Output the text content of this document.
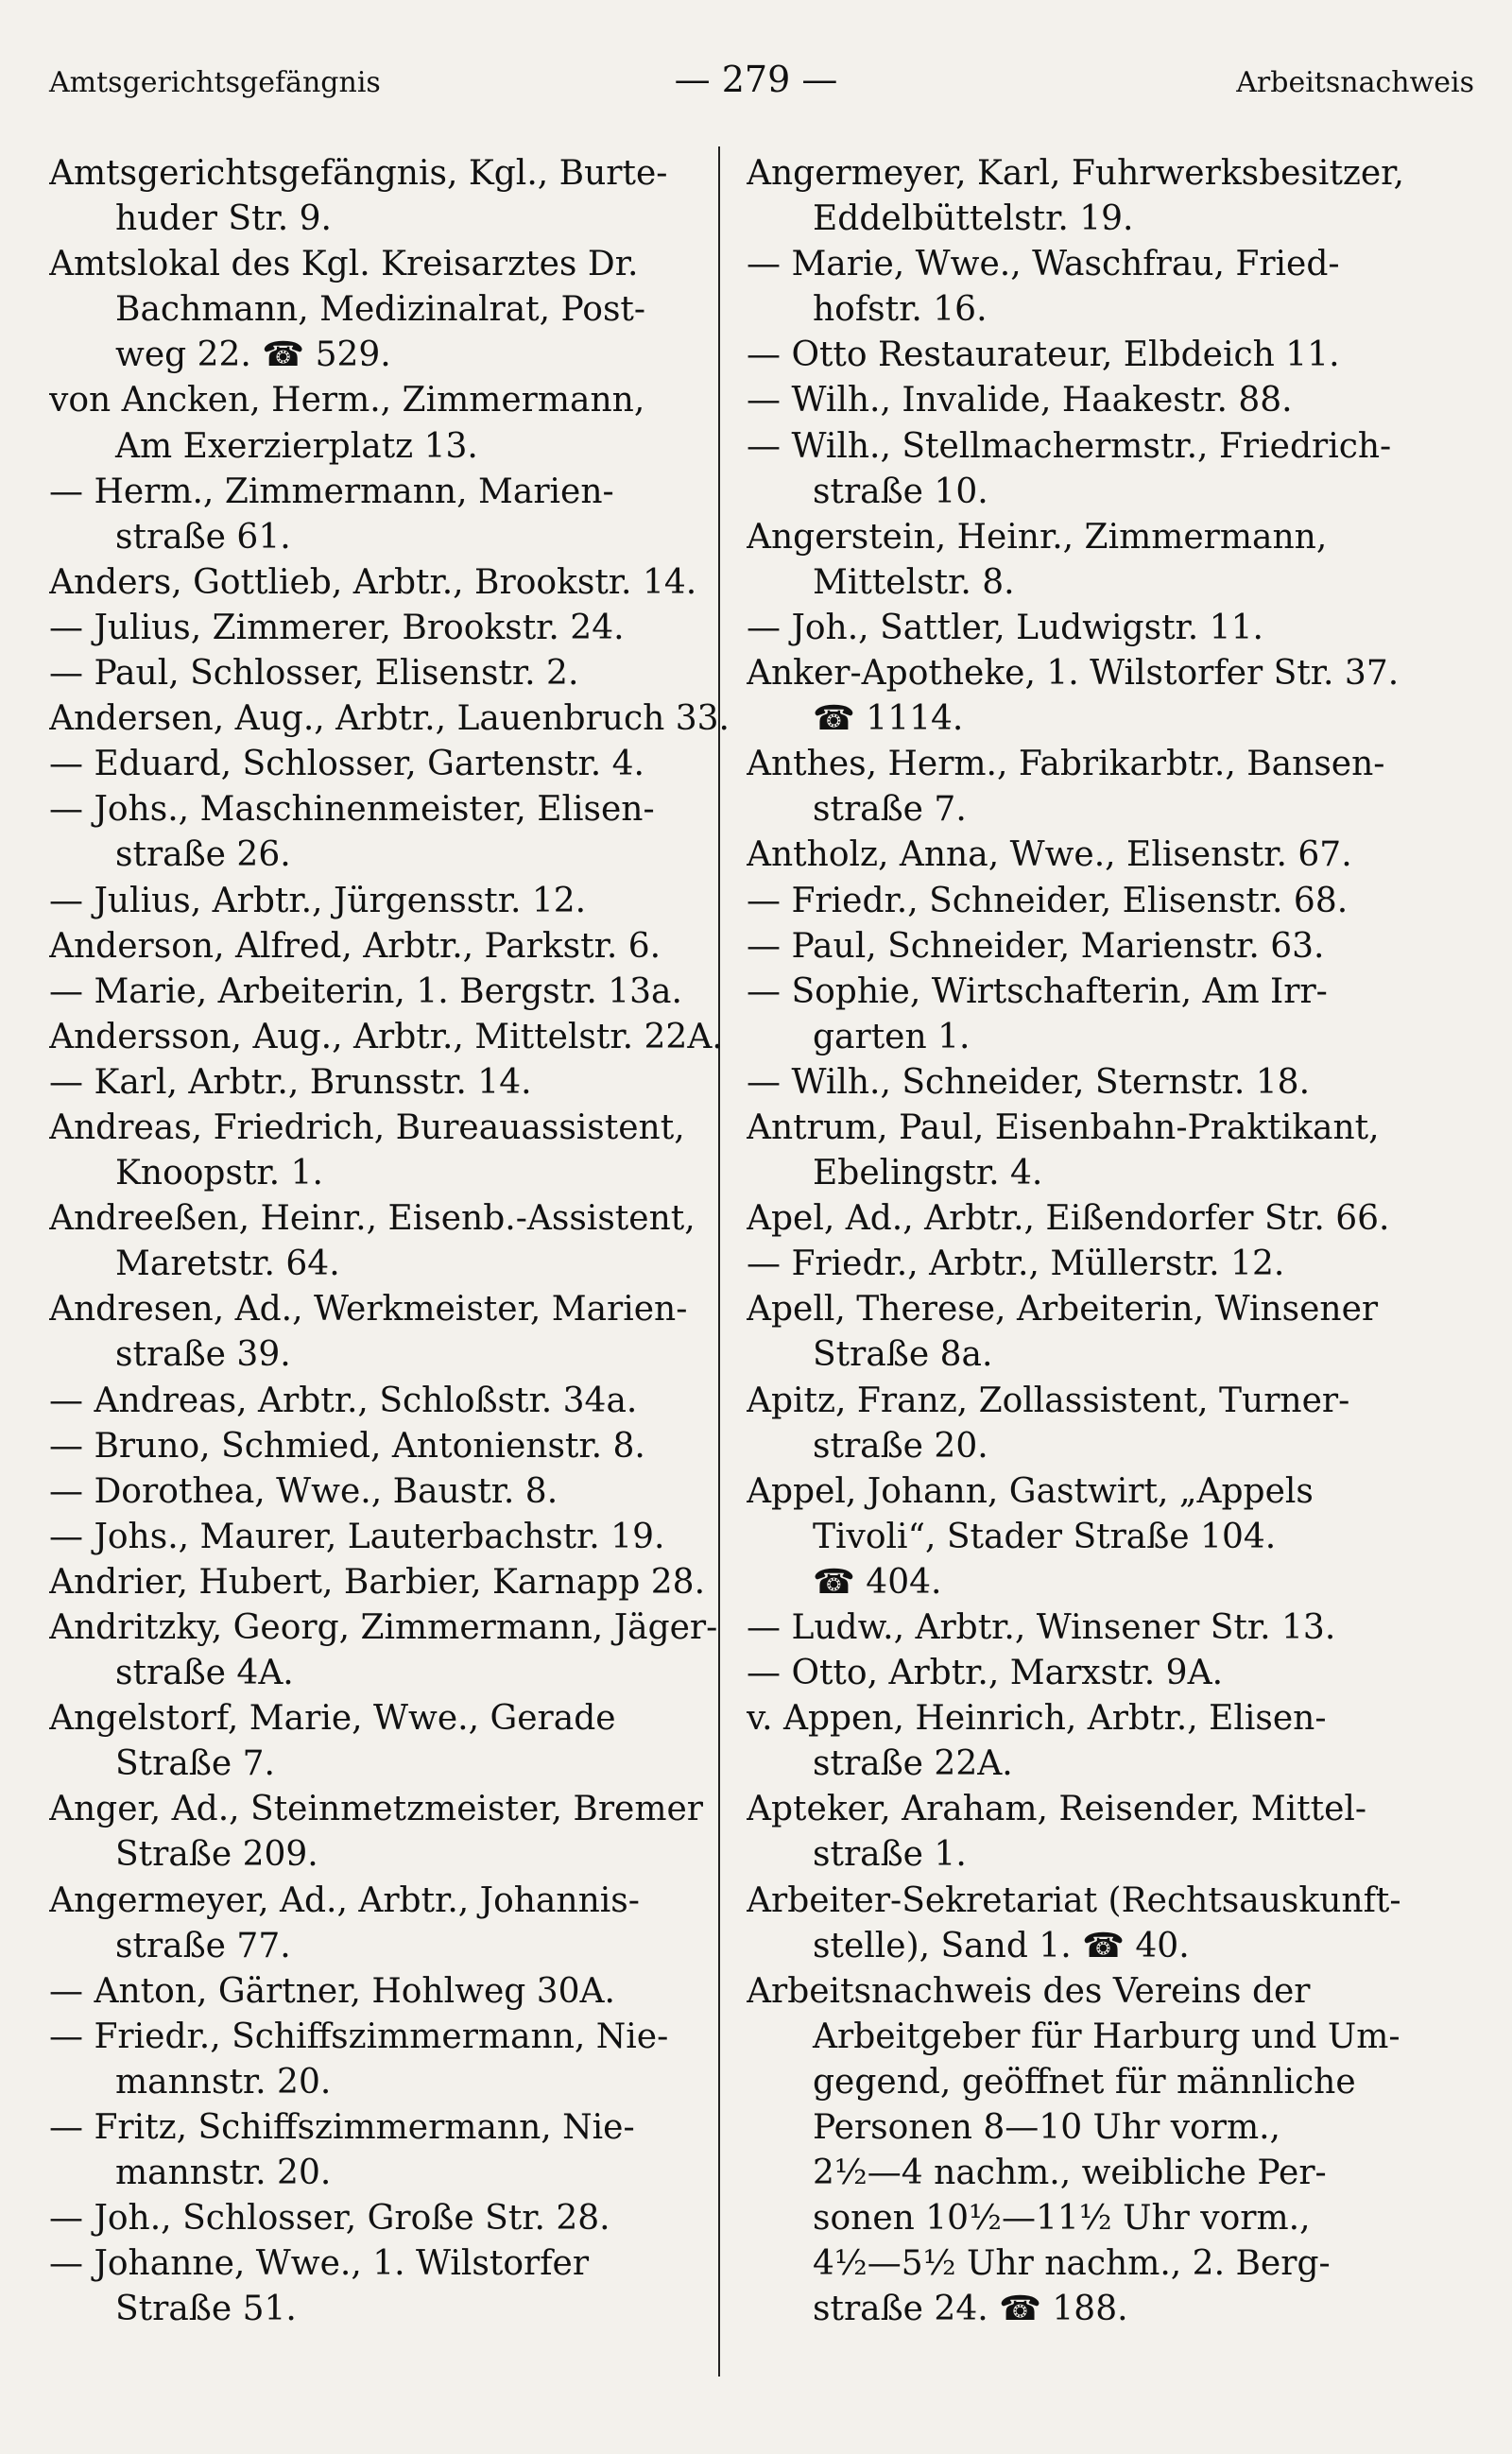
Amtsgerichtsgefängnis	— 279 —	Arbeitsnachweis
Amtsgerichtsgefängnis, Kgl., Burte-
huder Str. 9.
Amtslokal des Kgl. Kreisarztes Dr.
Bachmann, Medizinalrat, Post-
weg 22. ☎ 529.
von Ancken, Herm., Zimmermann,
Am Exerzierplatz 13.
— Herm., Zimmermann, Marien-
straße 61.
Anders, Gottlieb, Arbtr., Brookstr. 14.
— Julius, Zimmerer, Brookstr. 24.
— Paul, Schlosser, Elisenstr. 2.
Andersen, Aug., Arbtr., Lauenbruch 33.
— Eduard, Schlosser, Gartenstr. 4.
— Johs., Maschinenmeister, Elisen-
straße 26.
— Julius, Arbtr., Jürgensstr. 12.
Anderson, Alfred, Arbtr., Parkstr. 6.
— Marie, Arbeiterin, 1. Bergstr. 13a.
Andersson, Aug., Arbtr., Mittelstr. 22A.
— Karl, Arbtr., Brunsstr. 14.
Andreas, Friedrich, Bureauassistent,
Knoopstr. 1.
Andreeßen, Heinr., Eisenb.-Assistent,
Maretstr. 64.
Andresen, Ad., Werkmeister, Marien-
straße 39.
— Andreas, Arbtr., Schloßstr. 34a.
— Bruno, Schmied, Antonienstr. 8.
— Dorothea, Wwe., Baustr. 8.
— Johs., Maurer, Lauterbachstr. 19.
Andrier, Hubert, Barbier, Karnapp 28.
Andritzky, Georg, Zimmermann, Jäger-
straße 4A.
Angelstorf, Marie, Wwe., Gerade
Straße 7.
Anger, Ad., Steinmetzmeister, Bremer
Straße 209.
Angermeyer, Ad., Arbtr., Johannis-
straße 77.
— Anton, Gärtner, Hohlweg 30A.
— Friedr., Schiffszimmermann, Nie-
mannstr. 20.
— Fritz, Schiffszimmermann, Nie-
mannstr. 20.
— Joh., Schlosser, Große Str. 28.
— Johanne, Wwe., 1. Wilstorfer
Straße 51.
Angermeyer, Karl, Fuhrwerksbesitzer,
Eddelbüttelstr. 19.
— Marie, Wwe., Waschfrau, Fried-
hofstr. 16.
— Otto Restaurateur, Elbdeich 11.
— Wilh., Invalide, Haakestr. 88.
— Wilh., Stellmachermstr., Friedrich-
straße 10.
Angerstein, Heinr., Zimmermann,
Mittelstr. 8.
— Joh., Sattler, Ludwigstr. 11.
Anker-Apotheke, 1. Wilstorfer Str. 37.
☎ 1114.
Anthes, Herm., Fabrikarbtr., Bansen-
straße 7.
Antholz, Anna, Wwe., Elisenstr. 67.
— Friedr., Schneider, Elisenstr. 68.
— Paul, Schneider, Marienstr. 63.
— Sophie, Wirtschafterin, Am Irr-
garten 1.
— Wilh., Schneider, Sternstr. 18.
Antrum, Paul, Eisenbahn-Praktikant,
Ebelingstr. 4.
Apel, Ad., Arbtr., Eißendorfer Str. 66.
— Friedr., Arbtr., Müllerstr. 12.
Apell, Therese, Arbeiterin, Winsener
Straße 8a.
Apitz, Franz, Zollassistent, Turner-
straße 20.
Appel, Johann, Gastwirt, „Appels
Tivoli“, Stader Straße 104.
☎ 404.
— Ludw., Arbtr., Winsener Str. 13.
— Otto, Arbtr., Marxstr. 9A.
v. Appen, Heinrich, Arbtr., Elisen-
straße 22A.
Apteker, Araham, Reisender, Mittel-
straße 1.
Arbeiter-Sekretariat (Rechtsauskunft-
stelle), Sand 1. ☎ 40.
Arbeitsnachweis des Vereins der
Arbeitgeber für Harburg und Um-
gegend, geöffnet für männliche
Personen 8—10 Uhr vorm.,
2½—4 nachm., weibliche Per-
sonen 10½—11½ Uhr vorm.,
4½—5½ Uhr nachm., 2. Berg-
straße 24. ☎ 188.
